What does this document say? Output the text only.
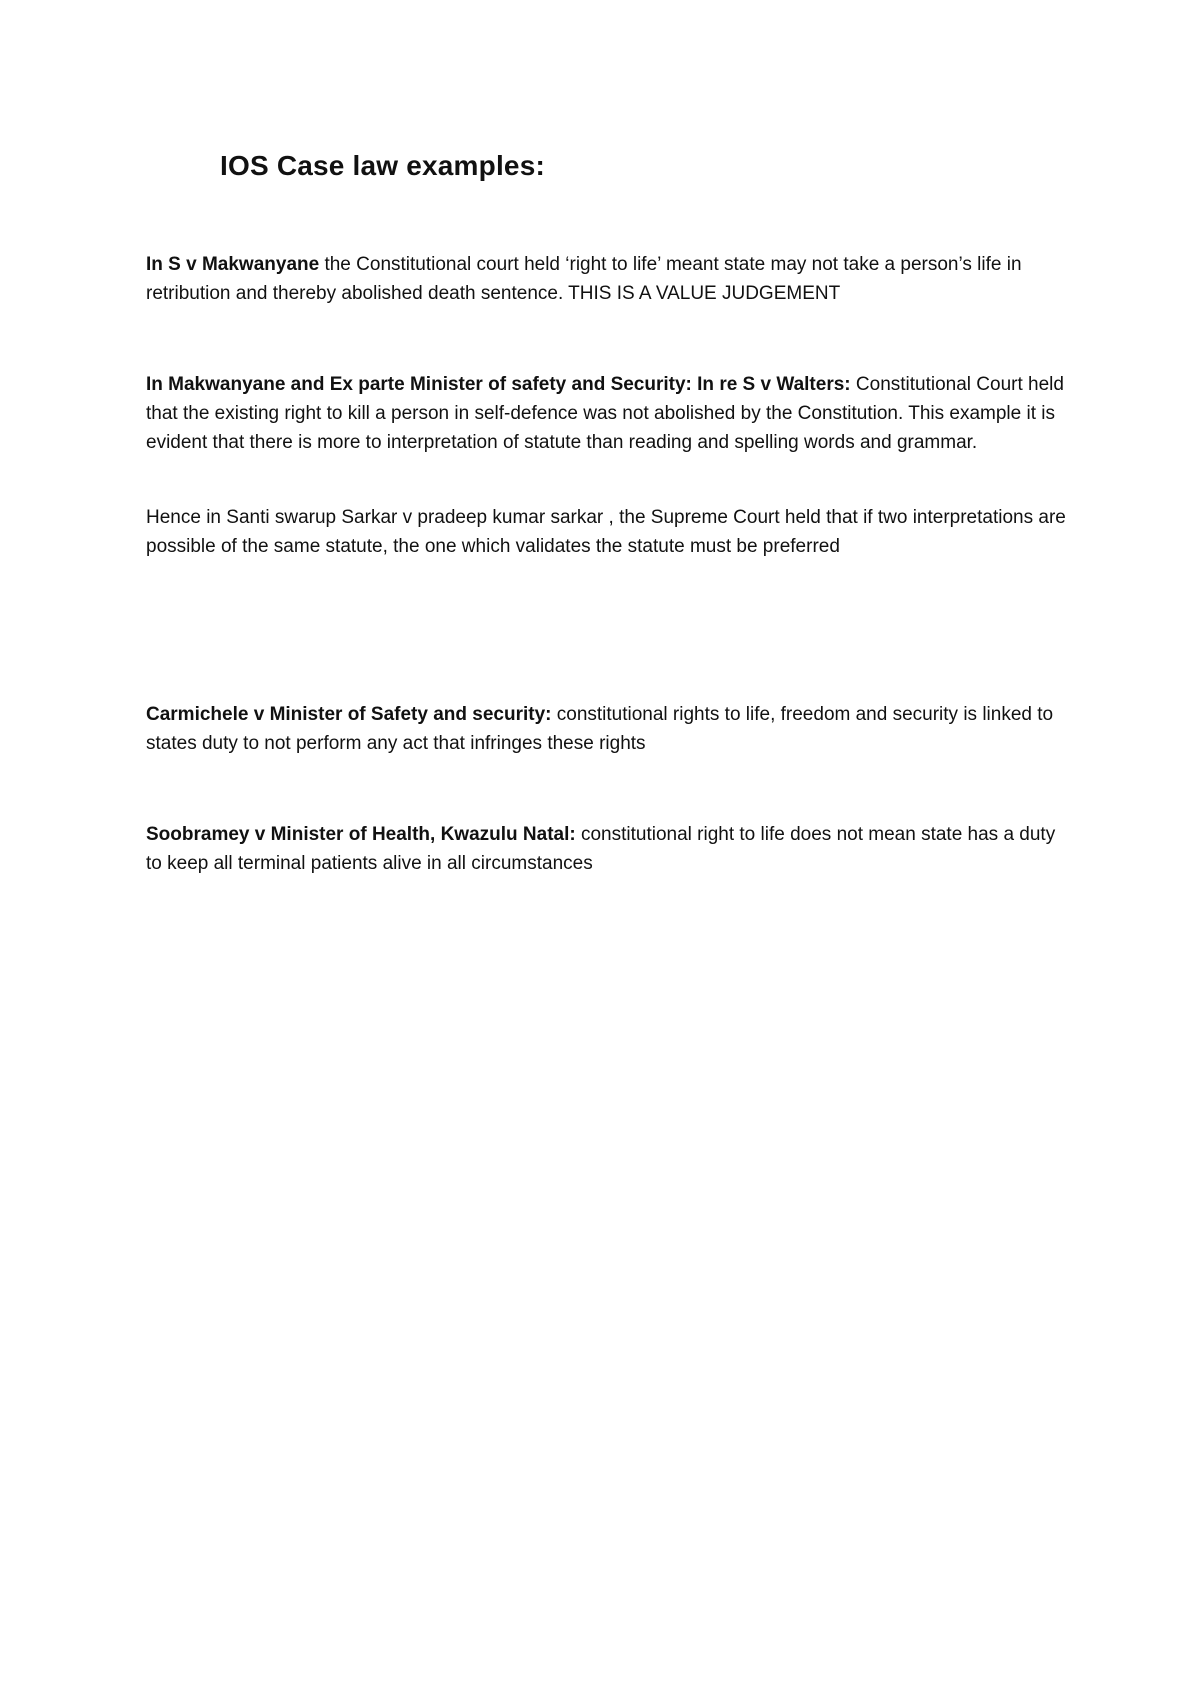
IOS Case law examples:

In S v Makwanyane the Constitutional court held ‘right to life’ meant state may not take a person’s life in retribution and thereby abolished death sentence. THIS IS A VALUE JUDGEMENT

In Makwanyane and Ex parte Minister of safety and Security: In re S v Walters: Constitutional Court held that the existing right to kill a person in self-defence was not abolished by the Constitution. This example it is evident that there is more to interpretation of statute than reading and spelling words and grammar.

Hence in Santi swarup Sarkar v pradeep kumar sarkar , the Supreme Court held that if two interpretations are possible of the same statute, the one which validates the statute must be preferred

Carmichele v Minister of Safety and security: constitutional rights to life, freedom and security is linked to states duty to not perform any act that infringes these rights

Soobramey v Minister of Health, Kwazulu Natal: constitutional right to life does not mean state has a duty to keep all terminal patients alive in all circumstances
